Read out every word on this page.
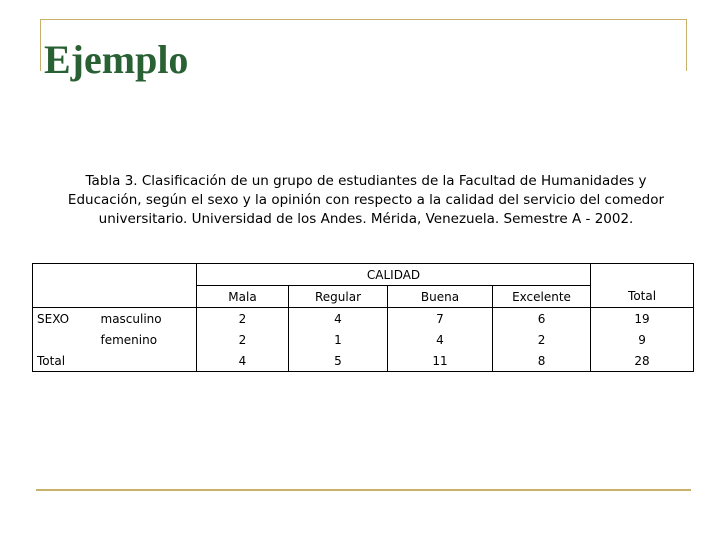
Ejemplo
Tabla 3. Clasificación de un grupo de estudiantes de la Facultad de Humanidades y
Educación, según el sexo y la opinión con respecto a la calidad del servicio del comedor
universitario. Universidad de los Andes. Mérida, Venezuela. Semestre A - 2002.
		CALIDAD				
		Mala	Regular	Buena	Excelente	Total
SEXO	masculino	2	4	7	6	19
	femenino	2	1	4	2	9
Total		4	5	11	8	28
